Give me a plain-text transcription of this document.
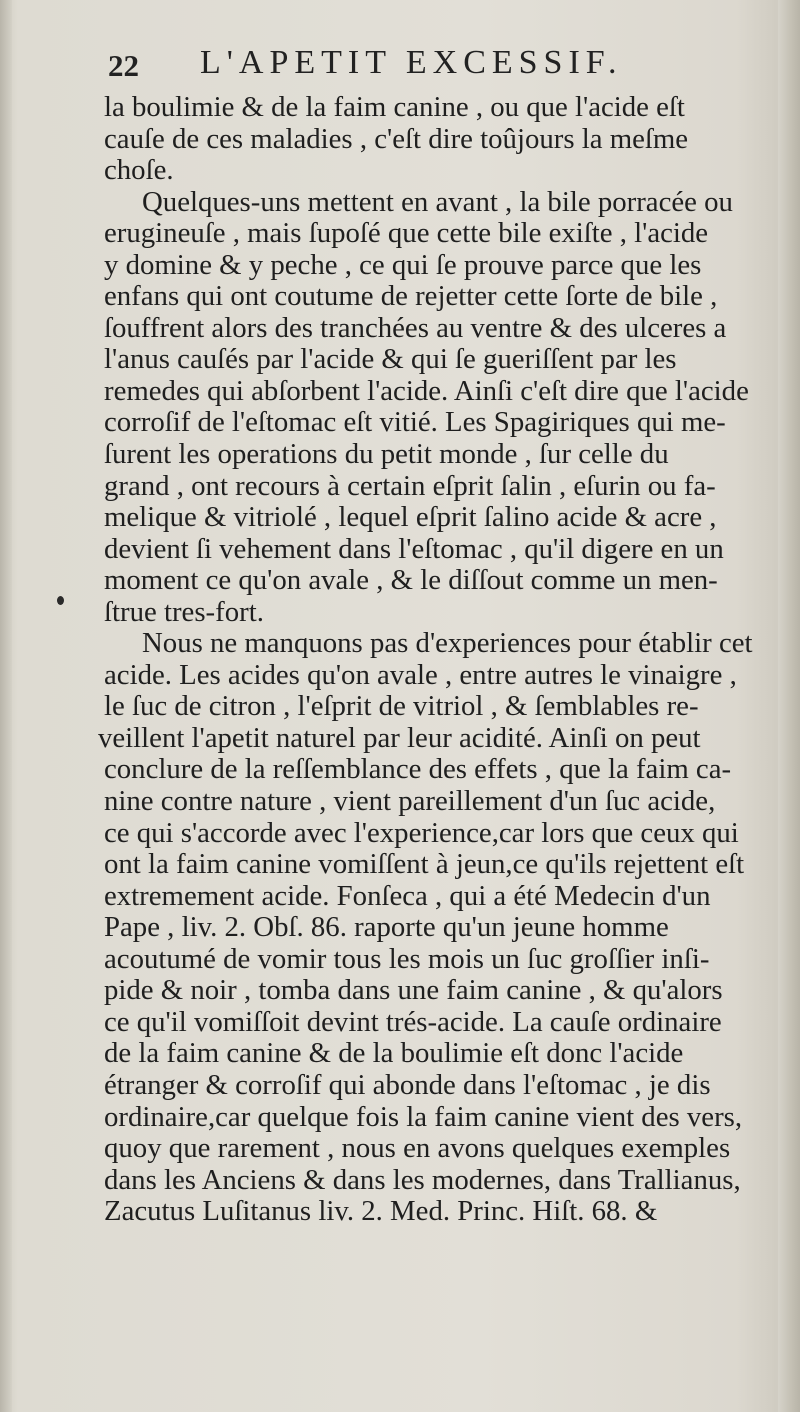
22 L'APETIT EXCESSIF.
la boulimie & de la faim canine , ou que l'acide eſt
cauſe de ces maladies , c'eſt dire toûjours la meſme
choſe.
Quelques-uns mettent en avant , la bile porracée ou
erugineuſe , mais ſupoſé que cette bile exiſte , l'acide
y domine & y peche , ce qui ſe prouve parce que les
enfans qui ont coutume de rejetter cette ſorte de bile ,
ſouffrent alors des tranchées au ventre & des ulceres a
l'anus cauſés par l'acide & qui ſe gueriſſent par les
remedes qui abſorbent l'acide. Ainſi c'eſt dire que l'acide
corroſif de l'eſtomac eſt vitié. Les Spagiriques qui me-
ſurent les operations du petit monde , ſur celle du
grand , ont recours à certain eſprit ſalin , eſurin ou fa-
melique & vitriolé , lequel eſprit ſalino acide & acre ,
devient ſi vehement dans l'eſtomac , qu'il digere en un
moment ce qu'on avale , & le diſſout comme un men-
ſtrue tres-fort.
Nous ne manquons pas d'experiences pour établir cet
acide. Les acides qu'on avale , entre autres le vinaigre ,
le ſuc de citron , l'eſprit de vitriol , & ſemblables re-
veillent l'apetit naturel par leur acidité. Ainſi on peut
conclure de la reſſemblance des effets , que la faim ca-
nine contre nature , vient pareillement d'un ſuc acide,
ce qui s'accorde avec l'experience,car lors que ceux qui
ont la faim canine vomiſſent à jeun,ce qu'ils rejettent eſt
extremement acide. Fonſeca , qui a été Medecin d'un
Pape , liv. 2. Obſ. 86. raporte qu'un jeune homme
acoutumé de vomir tous les mois un ſuc groſſier inſi-
pide & noir , tomba dans une faim canine , & qu'alors
ce qu'il vomiſſoit devint trés-acide. La cauſe ordinaire
de la faim canine & de la boulimie eſt donc l'acide
étranger & corroſif qui abonde dans l'eſtomac , je dis
ordinaire,car quelque fois la faim canine vient des vers,
quoy que rarement , nous en avons quelques exemples
dans les Anciens & dans les modernes, dans Trallianus,
Zacutus Luſitanus liv. 2. Med. Princ. Hiſt. 68. &
